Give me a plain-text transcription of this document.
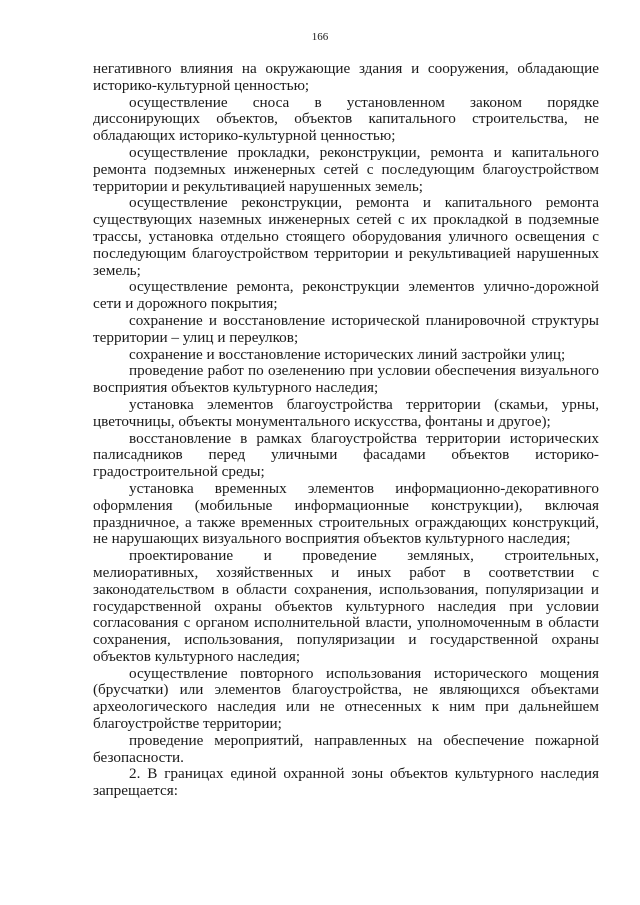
166

негативного влияния на окружающие здания и сооружения, обладающие историко-культурной ценностью;

осуществление сноса в установленном законом порядке диссонирующих объектов, объектов капитального строительства, не обладающих историко-культурной ценностью;

осуществление прокладки, реконструкции, ремонта и капитального ремонта подземных инженерных сетей с последующим благоустройством территории и рекультивацией нарушенных земель;

осуществление реконструкции, ремонта и капитального ремонта существующих наземных инженерных сетей с их прокладкой в подземные трассы, установка отдельно стоящего оборудования уличного освещения с последующим благоустройством территории и рекультивацией нарушенных земель;

осуществление ремонта, реконструкции элементов улично-дорожной сети и дорожного покрытия;

сохранение и восстановление исторической планировочной структуры территории – улиц и переулков;

сохранение и восстановление исторических линий застройки улиц;

проведение работ по озеленению при условии обеспечения визуального восприятия объектов культурного наследия;

установка элементов благоустройства территории (скамьи, урны, цветочницы, объекты монументального искусства, фонтаны и другое);

восстановление в рамках благоустройства территории исторических палисадников перед уличными фасадами объектов историко-градостроительной среды;

установка временных элементов информационно-декоративного оформления (мобильные информационные конструкции), включая праздничное, а также временных строительных ограждающих конструкций, не нарушающих визуального восприятия объектов культурного наследия;

проектирование и проведение земляных, строительных, мелиоративных, хозяйственных и иных работ в соответствии с законодательством в области сохранения, использования, популяризации и государственной охраны объектов культурного наследия при условии согласования с органом исполнительной власти, уполномоченным в области сохранения, использования, популяризации и государственной охраны объектов культурного наследия;

осуществление повторного использования исторического мощения (брусчатки) или элементов благоустройства, не являющихся объектами археологического наследия или не отнесенных к ним при дальнейшем благоустройстве территории;

проведение мероприятий, направленных на обеспечение пожарной безопасности.

2. В границах единой охранной зоны объектов культурного наследия запрещается:
